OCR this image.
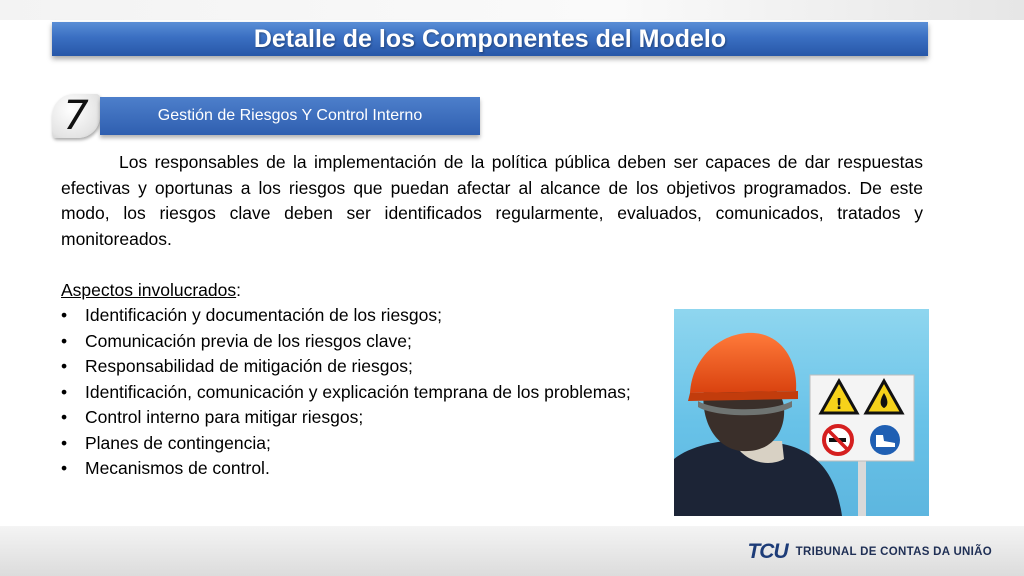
Detalle de los Componentes del Modelo
7	Gestión de Riesgos Y Control Interno

Los responsables de la implementación de la política pública deben ser capaces de dar respuestas efectivas y oportunas a los riesgos que puedan afectar al alcance de los objetivos programados. De este modo, los riesgos clave deben ser identificados regularmente, evaluados, comunicados, tratados y monitoreados.

Aspectos involucrados:

• Identificación y documentación de los riesgos;
• Comunicación previa de los riesgos clave;
• Responsabilidad de mitigación de riesgos;
• Identificación, comunicación y explicación temprana de los problemas;
• Control interno para mitigar riesgos;
• Planes de contingencia;
• Mecanismos de control.
!
TCU TRIBUNAL DE CONTAS DA UNIÃO
